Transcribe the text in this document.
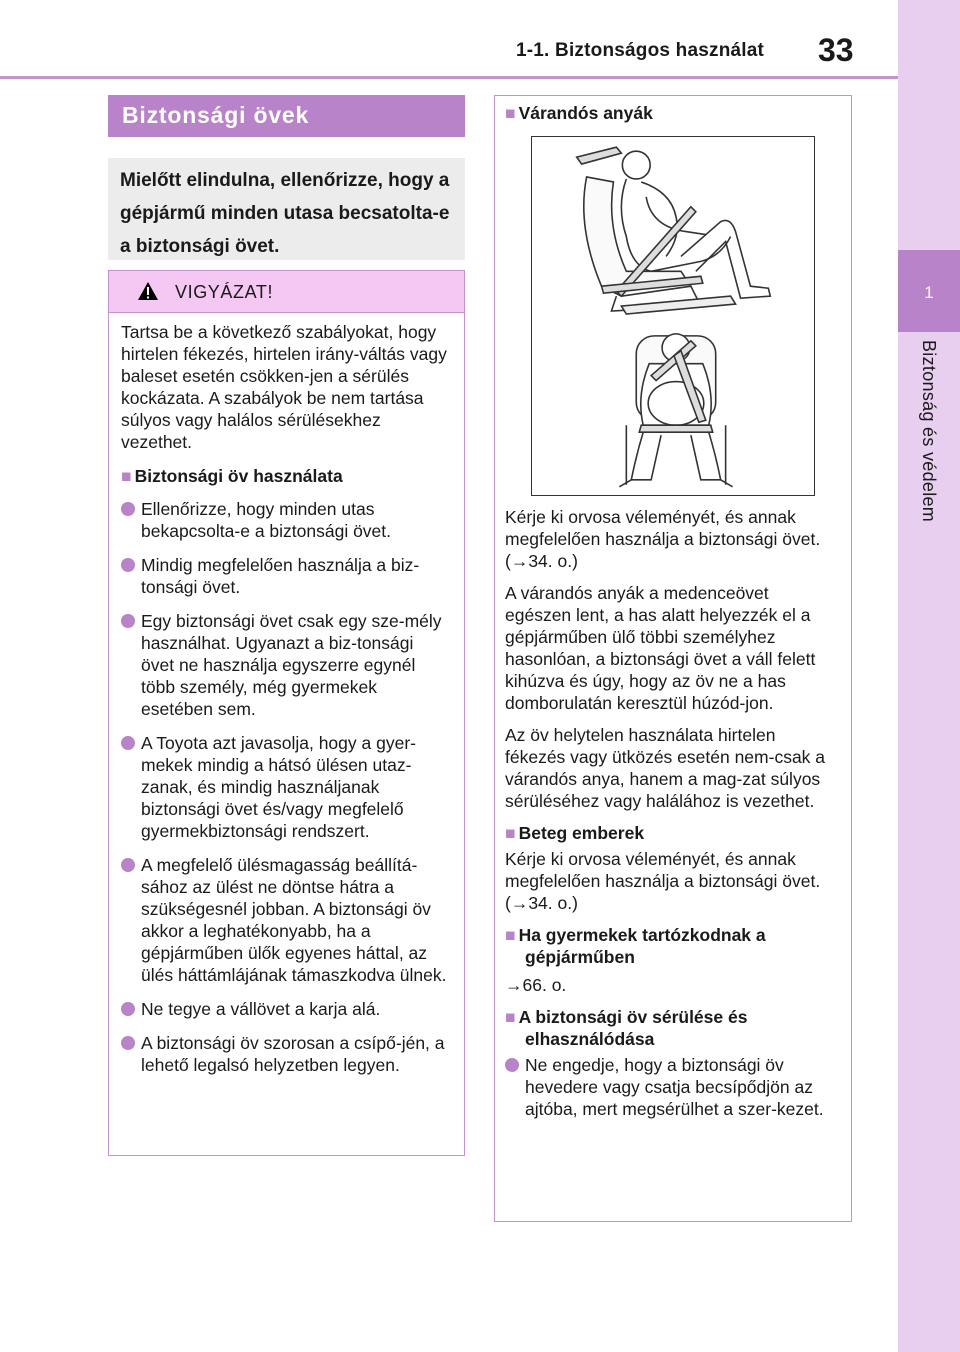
1-1. Biztonságos használat	33
1
Biztonság és védelem
Biztonsági övek
Mielőtt elindulna, ellenőrizze, hogy a gépjármű minden utasa becsatolta-e a biztonsági övet.
VIGYÁZAT!
Tartsa be a következő szabályokat, hogy hirtelen fékezés, hirtelen irány-váltás vagy baleset esetén csökken-jen a sérülés kockázata. A szabályok be nem tartása súlyos vagy halálos sérülésekhez vezethet.
■ Biztonsági öv használata
Ellenőrizze, hogy minden utas bekapcsolta-e a biztonsági övet.
Mindig megfelelően használja a biz-tonsági övet.
Egy biztonsági övet csak egy sze-mély használhat. Ugyanazt a biz-tonsági övet ne használja egyszerre egynél több személy, még gyermekek esetében sem.
A Toyota azt javasolja, hogy a gyer-mekek mindig a hátsó ülésen utaz-zanak, és mindig használjanak biztonsági övet és/vagy megfelelő gyermekbiztonsági rendszert.
A megfelelő ülésmagasság beállítá-sához az ülést ne döntse hátra a szükségesnél jobban. A biztonsági öv akkor a leghatékonyabb, ha a gépjárműben ülők egyenes háttal, az ülés háttámlájának támaszkodva ülnek.
Ne tegye a vállövet a karja alá.
A biztonsági öv szorosan a csípő-jén, a lehető legalsó helyzetben legyen.
■ Várandós anyák

Kérje ki orvosa véleményét, és annak megfelelően használja a biztonsági övet. (→34. o.)

A várandós anyák a medenceövet egészen lent, a has alatt helyezzék el a gépjárműben ülő többi személyhez hasonlóan, a biztonsági övet a váll felett kihúzva és úgy, hogy az öv ne a has domborulatán keresztül húzód-jon.

Az öv helytelen használata hirtelen fékezés vagy ütközés esetén nem-csak a várandós anya, hanem a mag-zat súlyos sérüléséhez vagy halálához is vezethet.

■ Beteg emberek

Kérje ki orvosa véleményét, és annak megfelelően használja a biztonsági övet. (→34. o.)

■ Ha gyermekek tartózkodnak a gépjárműben

→66. o.

■ A biztonsági öv sérülése és elhasználódása
Ne engedje, hogy a biztonsági öv hevedere vagy csatja becsípődjön az ajtóba, mert megsérülhet a szer-kezet.
